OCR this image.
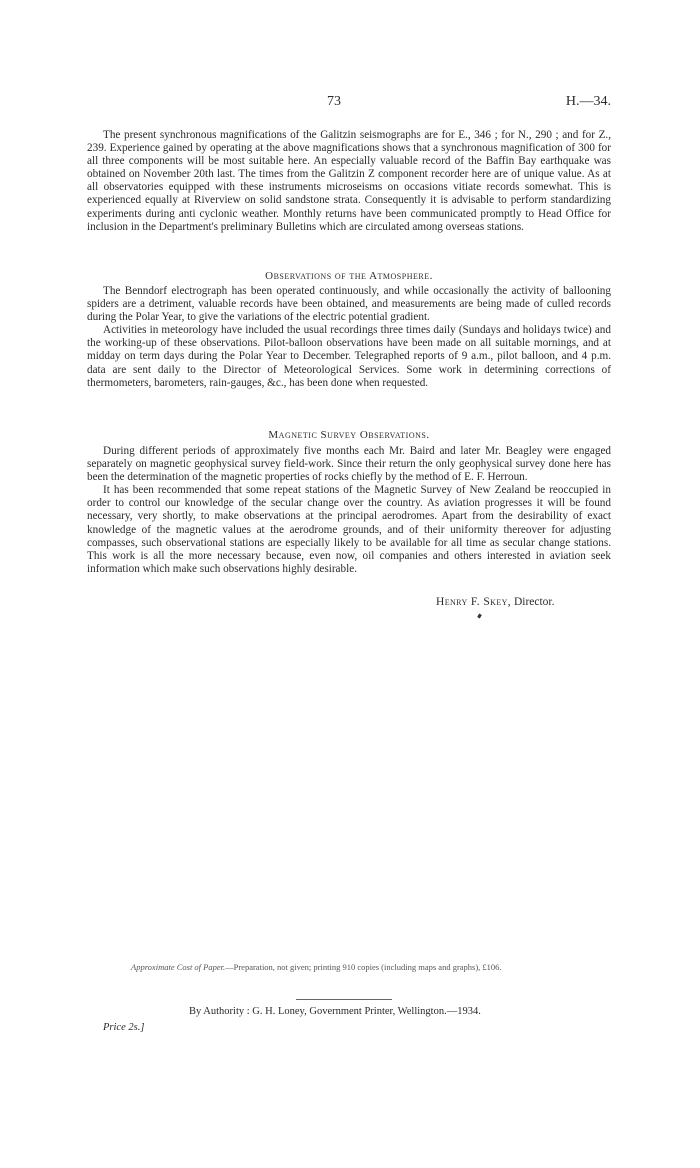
73	H.—34.

The present synchronous magnifications of the Galitzin seismographs are for E., 346 ; for N., 290 ; and for Z., 239. Experience gained by operating at the above magnifications shows that a synchronous magnification of 300 for all three components will be most suitable here. An especially valuable record of the Baffin Bay earthquake was obtained on November 20th last. The times from the Galitzin Z component recorder here are of unique value. As at all observatories equipped with these instruments microseisms on occasions vitiate records somewhat. This is experienced equally at Riverview on solid sandstone strata. Consequently it is advisable to perform standardizing experiments during anti cyclonic weather. Monthly returns have been communicated promptly to Head Office for inclusion in the Department's preliminary Bulletins which are circulated among overseas stations.

Observations of the Atmosphere.

The Benndorf electrograph has been operated continuously, and while occasionally the activity of ballooning spiders are a detriment, valuable records have been obtained, and measurements are being made of culled records during the Polar Year, to give the variations of the electric potential gradient.

Activities in meteorology have included the usual recordings three times daily (Sundays and holidays twice) and the working-up of these observations. Pilot-balloon observations have been made on all suitable mornings, and at midday on term days during the Polar Year to December. Telegraphed reports of 9 a.m., pilot balloon, and 4 p.m. data are sent daily to the Director of Meteorological Services. Some work in determining corrections of thermometers, barometers, rain-gauges, &c., has been done when requested.

Magnetic Survey Observations.

During different periods of approximately five months each Mr. Baird and later Mr. Beagley were engaged separately on magnetic geophysical survey field-work. Since their return the only geophysical survey done here has been the determination of the magnetic properties of rocks chiefly by the method of E. F. Herroun.

It has been recommended that some repeat stations of the Magnetic Survey of New Zealand be reoccupied in order to control our knowledge of the secular change over the country. As aviation progresses it will be found necessary, very shortly, to make observations at the principal aerodromes. Apart from the desirability of exact knowledge of the magnetic values at the aerodrome grounds, and of their uniformity thereover for adjusting compasses, such observational stations are especially likely to be available for all time as secular change stations. This work is all the more necessary because, even now, oil companies and others interested in aviation seek information which make such observations highly desirable.

Henry F. Skey, Director.
Approximate Cost of Paper.—Preparation, not given; printing 910 copies (including maps and graphs), £106.
By Authority : G. H. Loney, Government Printer, Wellington.—1934.
Price 2s.]
